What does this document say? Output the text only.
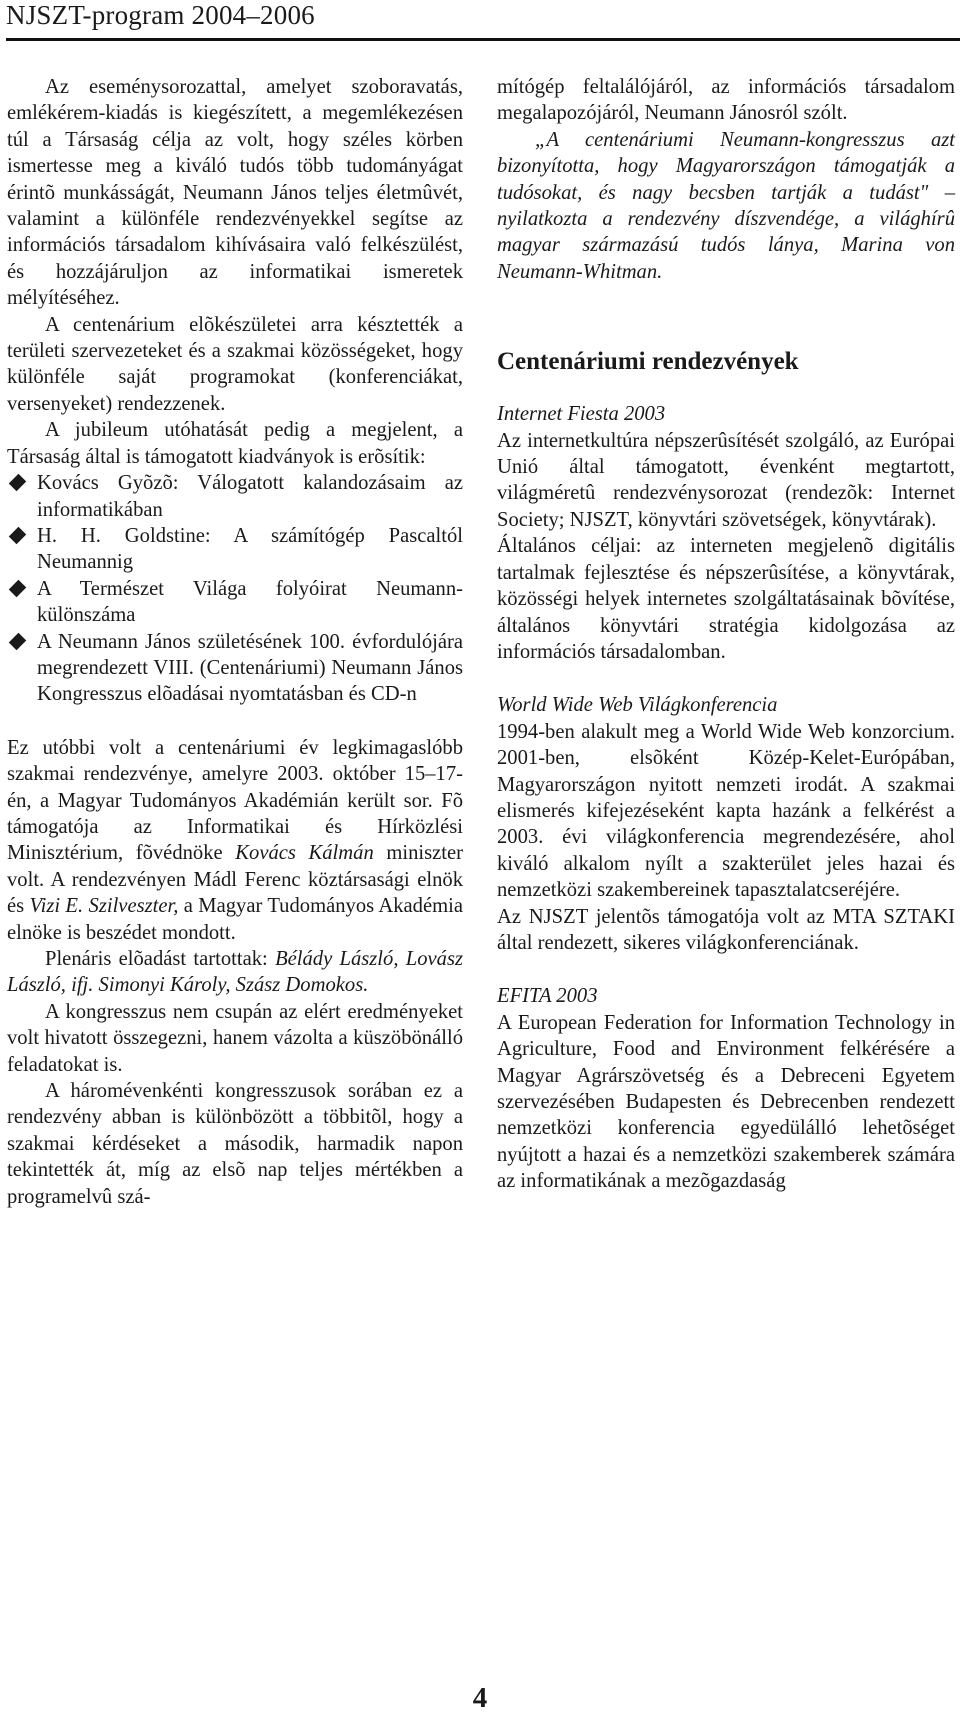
NJSZT-program 2004–2006

Az eseménysorozattal, amelyet szoboravatás, emlékérem-kiadás is kiegészített, a megemlékezésen túl a Társaság célja az volt, hogy széles körben ismertesse meg a kiváló tudós több tudományágat érintõ munkásságát, Neumann János teljes életmûvét, valamint a különféle rendezvényekkel segítse az információs társadalom kihívásaira való felkészülést, és hozzájáruljon az informatikai ismeretek mélyítéséhez.

A centenárium elõkészületei arra késztették a területi szervezeteket és a szakmai közösségeket, hogy különféle saját programokat (konferenciákat, versenyeket) rendezzenek.

A jubileum utóhatását pedig a megjelent, a Társaság által is támogatott kiadványok is erõsítik:

Kovács Gyõzõ: Válogatott kalandozásaim az informatikában
H. H. Goldstine: A számítógép Pascaltól Neumannig
A Természet Világa folyóirat Neumann-különszáma
A Neumann János születésének 100. évfordulójára megrendezett VIII. (Centenáriumi) Neumann János Kongresszus elõadásai nyomtatásban és CD-n

Ez utóbbi volt a centenáriumi év legkimagaslóbb szakmai rendezvénye, amelyre 2003. október 15–17-én, a Magyar Tudományos Akadémián került sor. Fõ támogatója az Informatikai és Hírközlési Minisztérium, fõvédnöke Kovács Kálmán miniszter volt. A rendezvényen Mádl Ferenc köztársasági elnök és Vizi E. Szilveszter, a Magyar Tudományos Akadémia elnöke is beszédet mondott.

Plenáris elõadást tartottak: Bélády László, Lovász László, ifj. Simonyi Károly, Szász Domokos.

A kongresszus nem csupán az elért eredményeket volt hivatott összegezni, hanem vázolta a küszöbönálló feladatokat is.

A háromévenkénti kongresszusok sorában ez a rendezvény abban is különbözött a többitõl, hogy a szakmai kérdéseket a második, harmadik napon tekintették át, míg az elsõ nap teljes mértékben a programelvû szá-

mítógép feltalálójáról, az információs társadalom megalapozójáról, Neumann Jánosról szólt.

„A centenáriumi Neumann-kongresszus azt bizonyította, hogy Magyarországon támogatják a tudósokat, és nagy becsben tartják a tudást" – nyilatkozta a rendezvény díszvendége, a világhírû magyar származású tudós lánya, Marina von Neumann-Whitman.

Centenáriumi rendezvények

Internet Fiesta 2003

Az internetkultúra népszerûsítését szolgáló, az Európai Unió által támogatott, évenként megtartott, világméretû rendezvénysorozat (rendezõk: Internet Society; NJSZT, könyvtári szövetségek, könyvtárak).

Általános céljai: az interneten megjelenõ digitális tartalmak fejlesztése és népszerûsítése, a könyvtárak, közösségi helyek internetes szolgáltatásainak bõvítése, általános könyvtári stratégia kidolgozása az információs társadalomban.

World Wide Web Világkonferencia

1994-ben alakult meg a World Wide Web konzorcium. 2001-ben, elsõként Közép-Kelet-Európában, Magyarországon nyitott nemzeti irodát. A szakmai elismerés kifejezéseként kapta hazánk a felkérést a 2003. évi világkonferencia megrendezésére, ahol kiváló alkalom nyílt a szakterület jeles hazai és nemzetközi szakembereinek tapasztalatcseréjére.

Az NJSZT jelentõs támogatója volt az MTA SZTAKI által rendezett, sikeres világkonferenciának.

EFITA 2003

A European Federation for Information Technology in Agriculture, Food and Environment felkérésére a Magyar Agrárszövetség és a Debreceni Egyetem szervezésében Budapesten és Debrecenben rendezett nemzetközi konferencia egyedülálló lehetõséget nyújtott a hazai és a nemzetközi szakemberek számára az informatikának a mezõgazdaság

4
